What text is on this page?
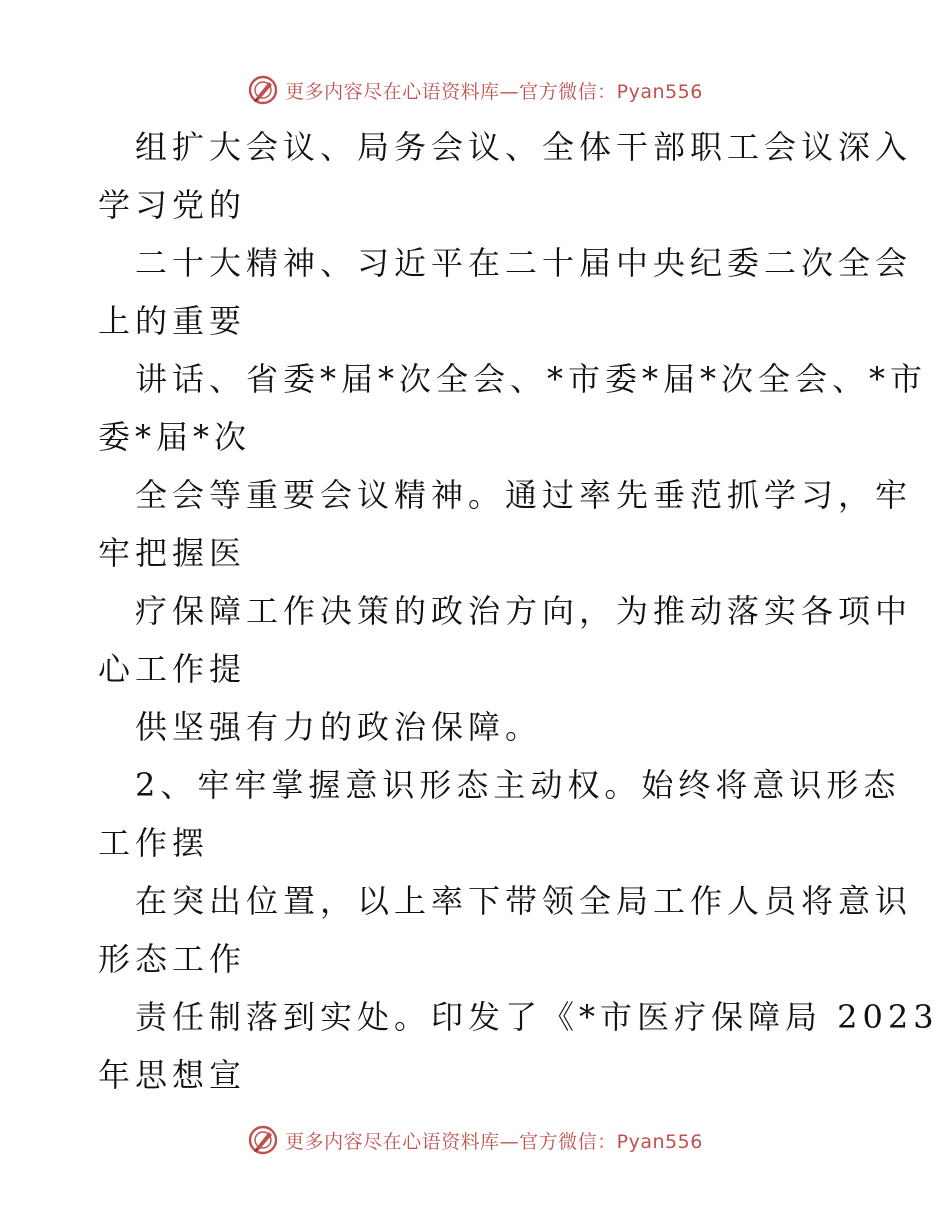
更多内容尽在心语资料库—官方微信：Pyan556
组扩大会议、局务会议、全体干部职工会议深入
学习党的
二十大精神、习近平在二十届中央纪委二次全会
上的重要
讲话、省委*届*次全会、*市委*届*次全会、*市
委*届*次
全会等重要会议精神。通过率先垂范抓学习，牢
牢把握医
疗保障工作决策的政治方向，为推动落实各项中
心工作提
供坚强有力的政治保障。
2、牢牢掌握意识形态主动权。始终将意识形态
工作摆
在突出位置，以上率下带领全局工作人员将意识
形态工作
责任制落到实处。印发了《*市医疗保障局 2023
年思想宣
更多内容尽在心语资料库—官方微信：Pyan556
